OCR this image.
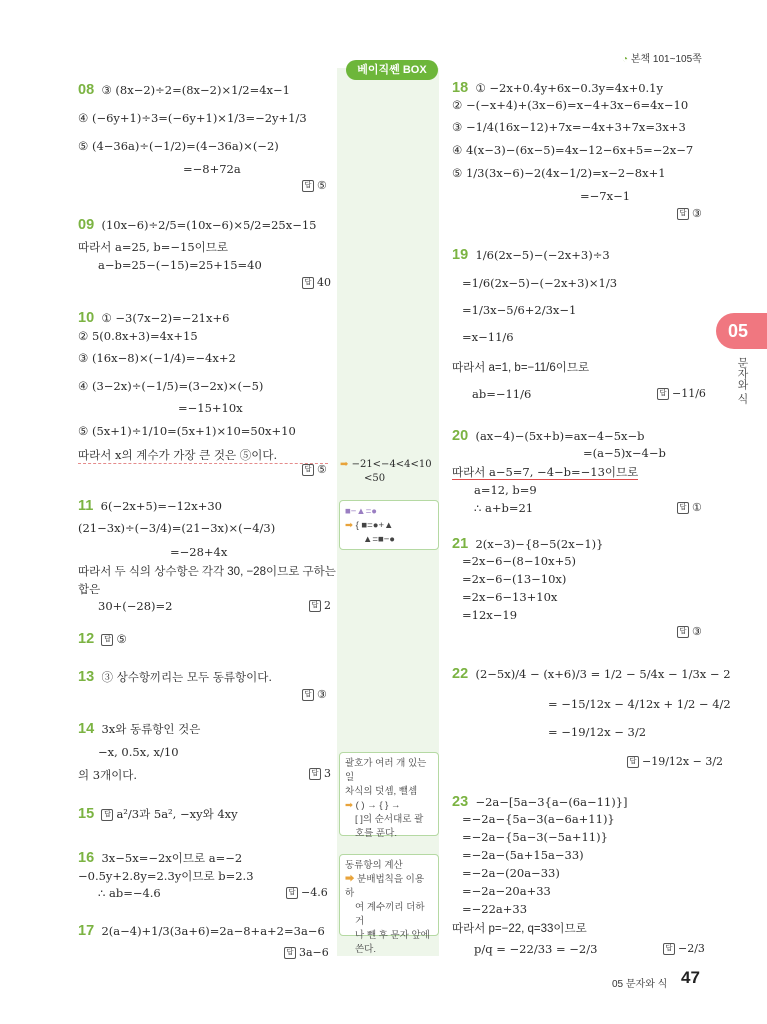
◔ 본책 101~105쪽
베이직쎈 BOX
05
문자와 식
08 ③ (8x−2)÷2=(8x−2)×1/2=4x−1
④ (−6y+1)÷3=(−6y+1)×1/3=−2y+1/3
⑤ (4−36a)÷(−1/2)=(4−36a)×(−2)
=−8+72a
답 ⑤
09 (10x−6)÷2/5=(10x−6)×5/2=25x−15
따라서 a=25, b=−15이므로
a−b=25−(−15)=25+15=40
답 40
10 ① −3(7x−2)=−21x+6
② 5(0.8x+3)=4x+15
③ (16x−8)×(−1/4)=−4x+2
④ (3−2x)÷(−1/5)=(3−2x)×(−5)
=−15+10x
⑤ (5x+1)÷1/10=(5x+1)×10=50x+10
따라서 x의 계수가 가장 큰 것은 ⑤이다.
답 ⑤
11 6(−2x+5)=−12x+30
(21−3x)÷(−3/4)=(21−3x)×(−4/3)
=−28+4x
따라서 두 식의 상수항은 각각 30, −28이므로 구하는
합은
30+(−28)=2	답 2
12 답 ⑤
13 ③ 상수항끼리는 모두 동류항이다.
답 ③
14 3x와 동류항인 것은
−x, 0.5x, x/10
의 3개이다.	답 3
15 답 a²/3과 5a², −xy와 4xy
16 3x−5x=−2x이므로 a=−2
−0.5y+2.8y=2.3y이므로 b=2.3
∴ ab=−4.6	답 −4.6
17 2(a−4)+1/3(3a+6)=2a−8+a+2=3a−6
답 3a−6
➡ −21<−4<4<10
<50
■−▲=●
➡ { ■=●+▲
▲=■−●
괄호가 여러 개 있는 일
차식의 덧셈, 뺄셈
➡ ( ) → { } →
[ ]의 순서대로 괄
호를 푼다.
동류항의 계산
➡ 분배법칙을 이용하
여 계수끼리 더하거
나 뺀 후 문자 앞에
쓴다.
18 ① −2x+0.4y+6x−0.3y=4x+0.1y
② −(−x+4)+(3x−6)=x−4+3x−6=4x−10
③ −1/4(16x−12)+7x=−4x+3+7x=3x+3
④ 4(x−3)−(6x−5)=4x−12−6x+5=−2x−7
⑤ 1/3(3x−6)−2(4x−1/2)=x−2−8x+1
=−7x−1
답 ③
19 1/6(2x−5)−(−2x+3)÷3
=1/6(2x−5)−(−2x+3)×1/3
=1/3x−5/6+2/3x−1
=x−11/6
따라서 a=1, b=−11/6이므로
ab=−11/6	답 −11/6
20 (ax−4)−(5x+b)=ax−4−5x−b
=(a−5)x−4−b
따라서 a−5=7, −4−b=−13이므로
a=12, b=9
∴ a+b=21	답 ①
21 2(x−3)−{8−5(2x−1)}
=2x−6−(8−10x+5)
=2x−6−(13−10x)
=2x−6−13+10x
=12x−19
답 ③
22 (2−5x)/4 − (x+6)/3 = 1/2 − 5/4x − 1/3x − 2
= −15/12x − 4/12x + 1/2 − 4/2
= −19/12x − 3/2
답 −19/12x − 3/2
23 −2a−[5a−3{a−(6a−11)}]
=−2a−{5a−3(a−6a+11)}
=−2a−{5a−3(−5a+11)}
=−2a−(5a+15a−33)
=−2a−(20a−33)
=−2a−20a+33
=−22a+33
따라서 p=−22, q=33이므로
p/q = −22/33 = −2/3	답 −2/3
05 문자와 식 47
